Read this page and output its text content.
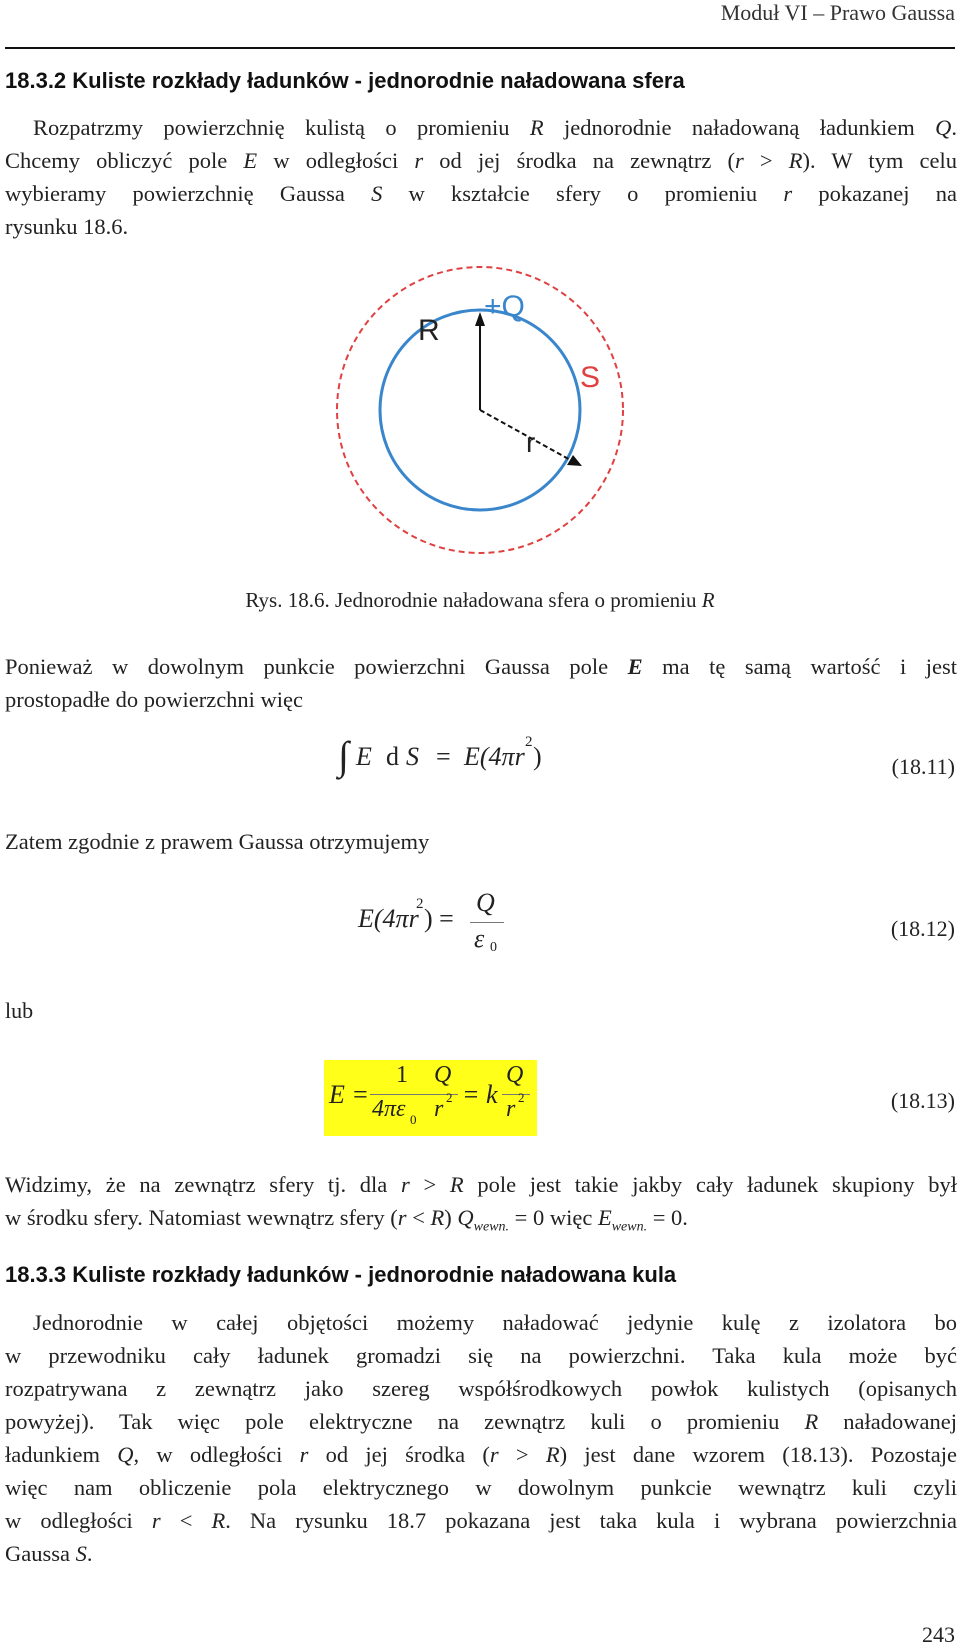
Moduł VI – Prawo Gaussa
18.3.2 Kuliste rozkłady ładunków - jednorodnie naładowana sfera
Rozpatrzmy powierzchnię kulistą o promieniu R jednorodnie naładowaną ładunkiem Q.
Chcemy obliczyć pole E w odległości r od jej środka na zewnątrz (r > R). W tym celu
wybieramy powierzchnię Gaussa S w kształcie sfery o promieniu r pokazanej na
rysunku 18.6.
R
+Q
S
r
Rys. 18.6. Jednorodnie naładowana sfera o promieniu R
Ponieważ w dowolnym punkcie powierzchni Gaussa pole E ma tę samą wartość i jest
prostopadłe do powierzchni więc
∫ E d S = E(4πr 2 )	(18.11)
Zatem zgodnie z prawem Gaussa otrzymujemy
E(4πr
2 ) =
Q
ε 0
(18.12)
lub
E =
1
4πε 0
Q
r 2 = k
Q
r 2	(18.13)
Widzimy, że na zewnątrz sfery tj. dla r > R pole jest takie jakby cały ładunek skupiony był
w środku sfery. Natomiast wewnątrz sfery (r < R) $Q_{wewn.} = 0$ więc $E_{wewn.} = 0$.
18.3.3 Kuliste rozkłady ładunków - jednorodnie naładowana kula
Jednorodnie w całej objętości możemy naładować jedynie kulę z izolatora bo
w przewodniku cały ładunek gromadzi się na powierzchni. Taka kula może być
rozpatrywana z zewnątrz jako szereg współśrodkowych powłok kulistych (opisanych
powyżej). Tak więc pole elektryczne na zewnątrz kuli o promieniu R naładowanej
ładunkiem Q, w odległości r od jej środka (r > R) jest dane wzorem (18.13). Pozostaje
więc nam obliczenie pola elektrycznego w dowolnym punkcie wewnątrz kuli czyli
w odległości r < R. Na rysunku 18.7 pokazana jest taka kula i wybrana powierzchnia
Gaussa S.
243
